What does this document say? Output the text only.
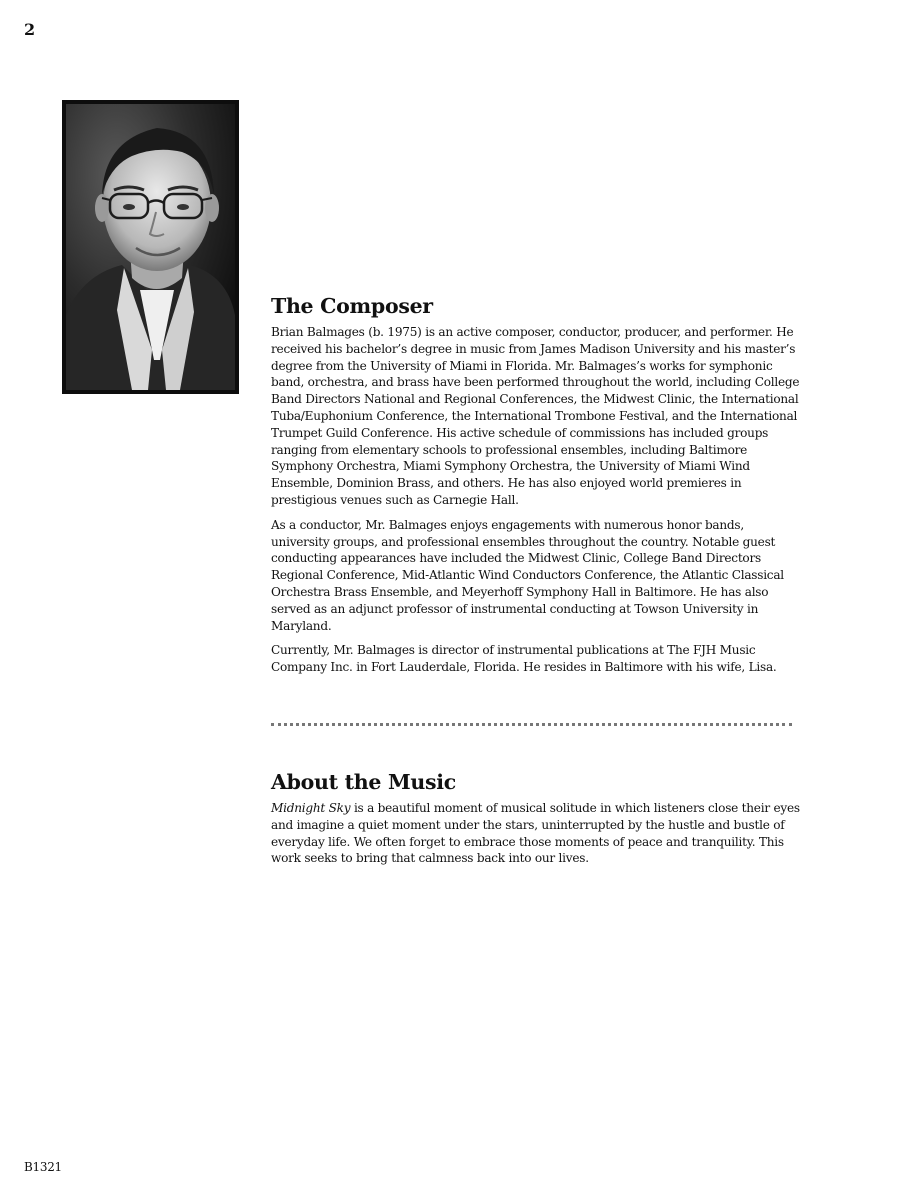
2
The Composer

Brian Balmages (b. 1975) is an active composer, conductor, producer, and performer. He received his bachelor’s degree in music from James Madison University and his master’s degree from the University of Miami in Florida. Mr. Balmages’s works for symphonic band, orchestra, and brass have been performed throughout the world, including College Band Directors National and Regional Conferences, the Midwest Clinic, the International Tuba/Euphonium Conference, the International Trombone Festival, and the International Trumpet Guild Conference. His active schedule of commissions has included groups ranging from elementary schools to professional ensembles, including Baltimore Symphony Orchestra, Miami Symphony Orchestra, the University of Miami Wind Ensemble, Dominion Brass, and others. He has also enjoyed world premieres in prestigious venues such as Carnegie Hall.

As a conductor, Mr. Balmages enjoys engagements with numerous honor bands, university groups, and professional ensembles throughout the country. Notable guest conducting appearances have included the Midwest Clinic, College Band Directors Regional Conference, Mid-Atlantic Wind Conductors Conference, the Atlantic Classical Orchestra Brass Ensemble, and Meyerhoff Symphony Hall in Baltimore. He has also served as an adjunct professor of instrumental conducting at Towson University in Maryland.

Currently, Mr. Balmages is director of instrumental publications at The FJH Music Company Inc. in Fort Lauderdale, Florida. He resides in Baltimore with his wife, Lisa.

About the Music

Midnight Sky is a beautiful moment of musical solitude in which listeners close their eyes and imagine a quiet moment under the stars, uninterrupted by the hustle and bustle of everyday life. We often forget to embrace those moments of peace and tranquility. This work seeks to bring that calmness back into our lives.

B1321
